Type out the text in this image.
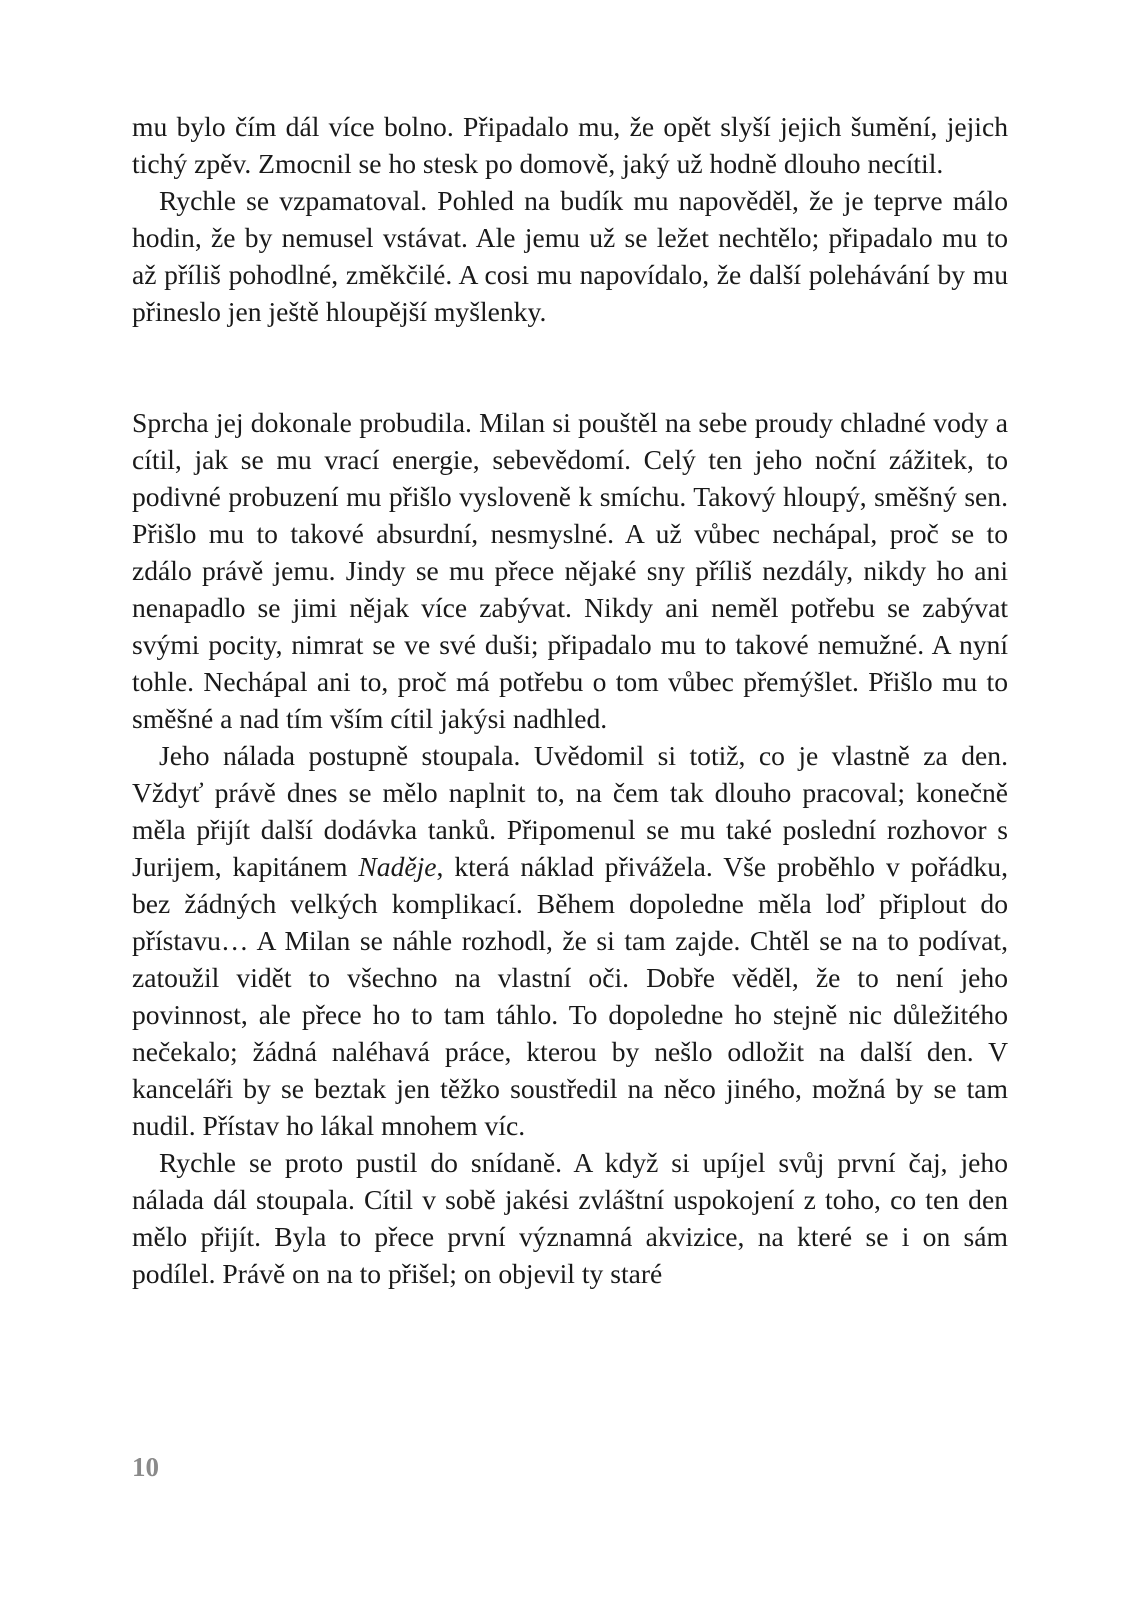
mu bylo čím dál více bolno. Připadalo mu, že opět slyší jejich šumění, jejich tichý zpěv. Zmocnil se ho stesk po domově, jaký už hodně dlouho necítil.

Rychle se vzpamatoval. Pohled na budík mu napověděl, že je teprve málo hodin, že by nemusel vstávat. Ale jemu už se ležet nechtělo; připadalo mu to až příliš pohodlné, změkčilé. A cosi mu napovídalo, že další polehávání by mu přineslo jen ještě hloupější myšlenky.

Sprcha jej dokonale probudila. Milan si pouštěl na sebe proudy chladné vody a cítil, jak se mu vrací energie, sebevědomí. Celý ten jeho noční zážitek, to podivné probuzení mu přišlo vysloveně k smíchu. Takový hloupý, směšný sen. Přišlo mu to takové absurdní, nesmyslné. A už vůbec nechápal, proč se to zdálo právě jemu. Jindy se mu přece nějaké sny příliš nezdály, nikdy ho ani nenapadlo se jimi nějak více zabývat. Nikdy ani neměl potřebu se zabývat svými pocity, nimrat se ve své duši; připadalo mu to takové nemužné. A nyní tohle. Nechápal ani to, proč má potřebu o tom vůbec přemýšlet. Přišlo mu to směšné a nad tím vším cítil jakýsi nadhled.

Jeho nálada postupně stoupala. Uvědomil si totiž, co je vlastně za den. Vždyť právě dnes se mělo naplnit to, na čem tak dlouho pracoval; konečně měla přijít další dodávka tanků. Připomenul se mu také poslední rozhovor s Jurijem, kapitánem Naděje, která náklad přivážela. Vše proběhlo v pořádku, bez žádných velkých komplikací. Během dopoledne měla loď připlout do přístavu… A Milan se náhle rozhodl, že si tam zajde. Chtěl se na to podívat, zatoužil vidět to všechno na vlastní oči. Dobře věděl, že to není jeho povinnost, ale přece ho to tam táhlo. To dopoledne ho stejně nic důležitého nečekalo; žádná naléhavá práce, kterou by nešlo odložit na další den. V kanceláři by se beztak jen těžko soustředil na něco jiného, možná by se tam nudil. Přístav ho lákal mnohem víc.

Rychle se proto pustil do snídaně. A když si upíjel svůj první čaj, jeho nálada dál stoupala. Cítil v sobě jakési zvláštní uspokojení z toho, co ten den mělo přijít. Byla to přece první významná akvizice, na které se i on sám podílel. Právě on na to přišel; on objevil ty staré

10
